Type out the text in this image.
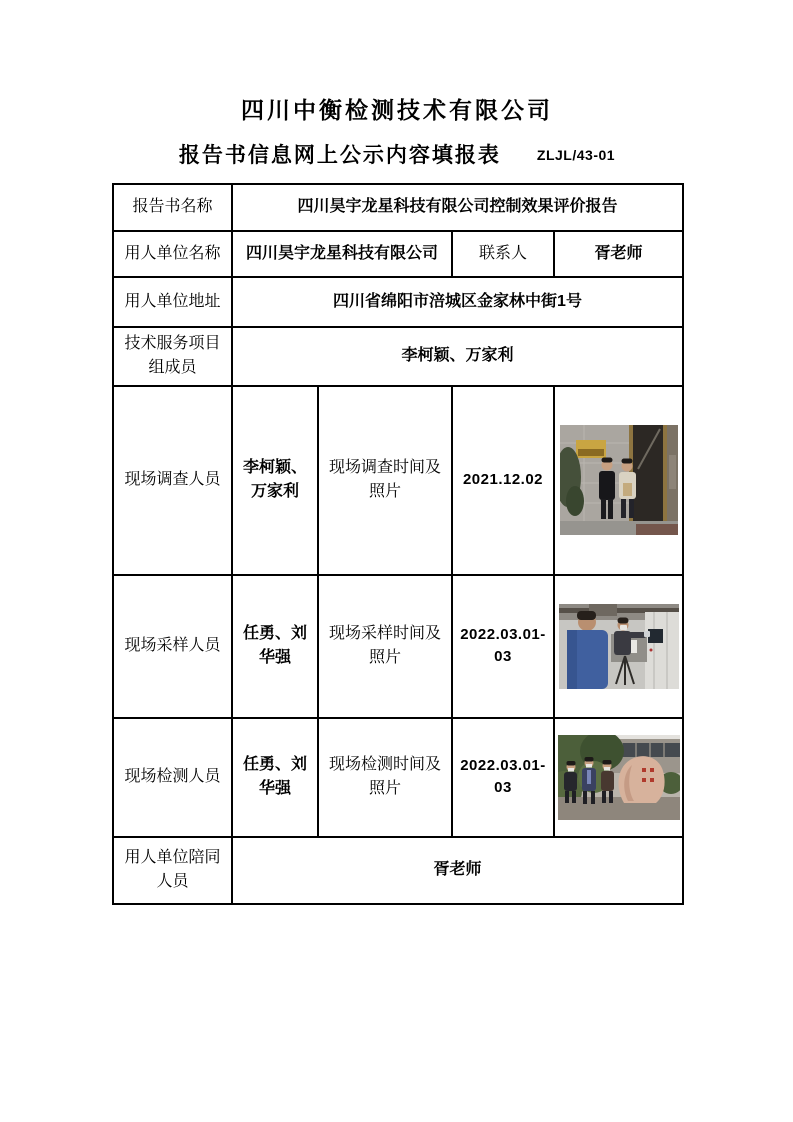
四川中衡检测技术有限公司
报告书信息网上公示内容填报表	ZLJL/43-01
报告书名称	四川昊宇龙星科技有限公司控制效果评价报告			
用人单位名称	四川昊宇龙星科技有限公司		联系人	胥老师
用人单位地址	四川省绵阳市涪城区金家林中街1号			
技术服务项目组成员	李柯颖、万家利			
现场调查人员	李柯颖、万家利	现场调查时间及照片	2021.12.02	

现场采样人员	任勇、刘华强	现场采样时间及照片	2022.03.01-03	

现场检测人员	任勇、刘华强	现场检测时间及照片	2022.03.01-03	

用人单位陪同人员	胥老师			
